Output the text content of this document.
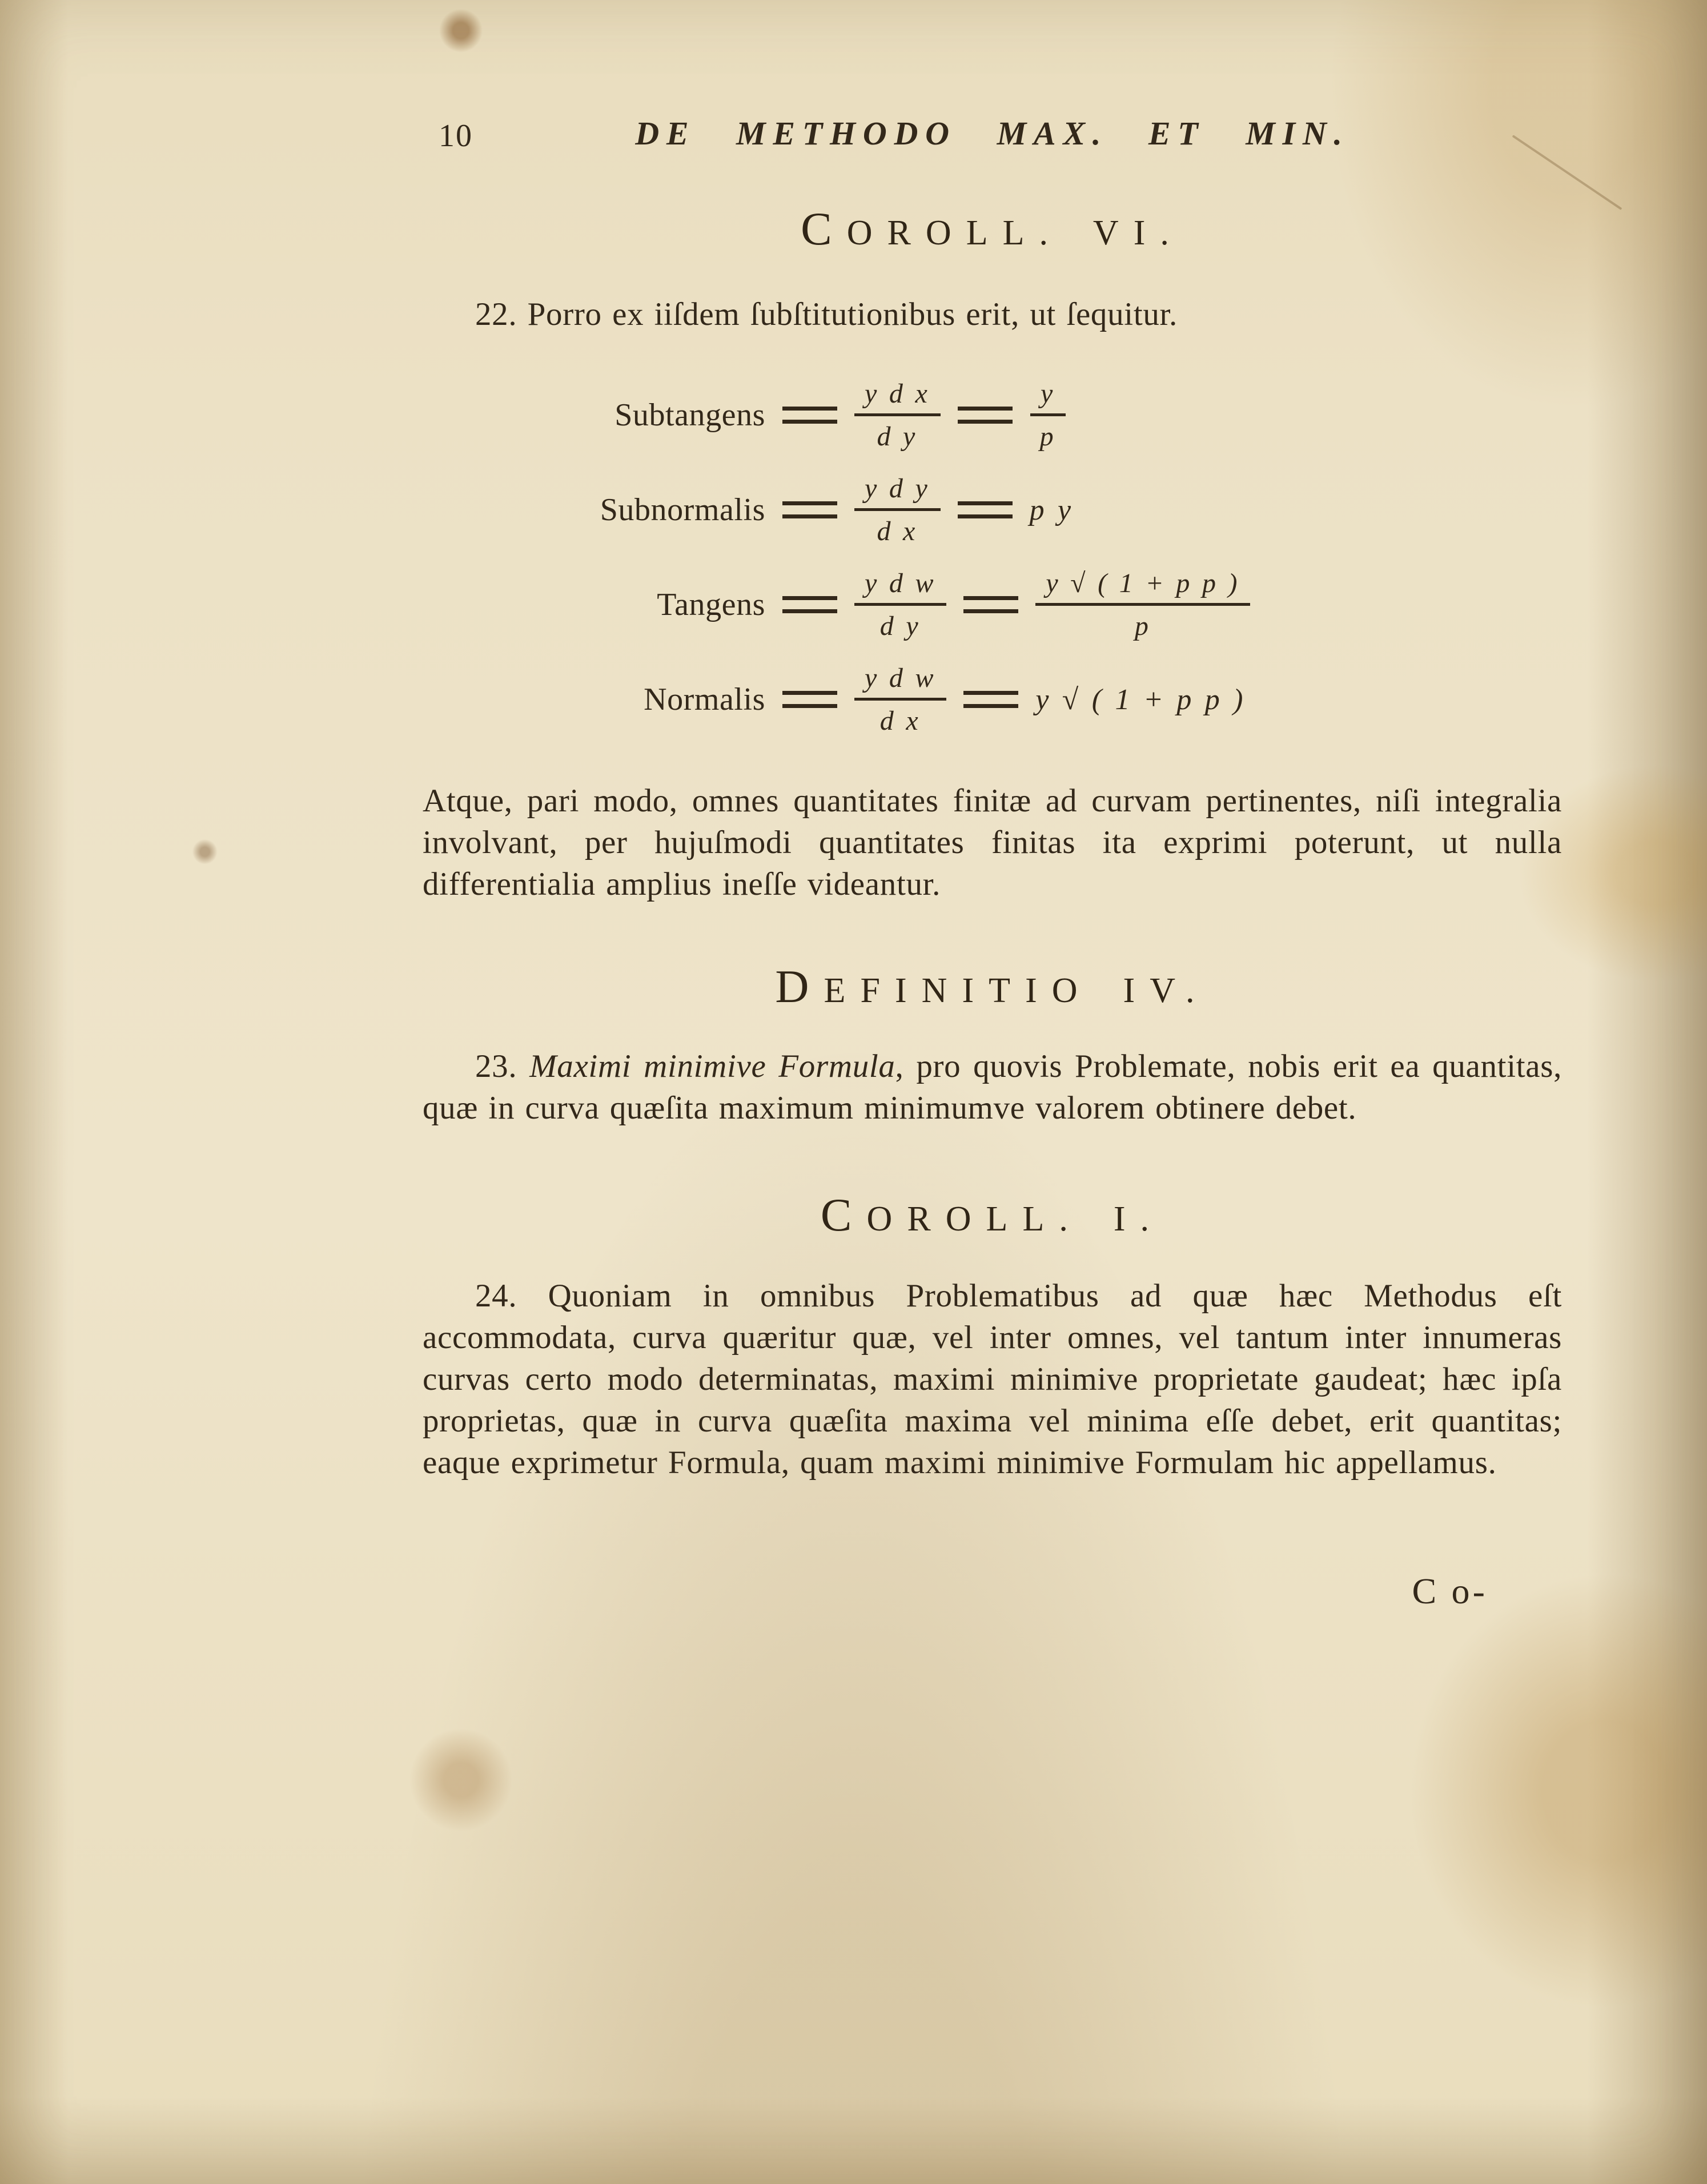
10	DE METHODO MAX. ET MIN.
COROLL. VI.

22. Porro ex iiſdem ſubſtitutionibus erit, ut ſequitur.

Subtangens	$\frac{\text{y d x}}{\text{d y}}$	$\frac{y}{p}$
Subnormalis	$\frac{\text{y d y}}{\text{d x}}$	p y
Tangens	$\frac{\text{y d w}}{\text{d y}}$	$\frac{\text{y √ ( 1 + p p )}}{p}$
Normalis	$\frac{\text{y d w}}{\text{d x}}$	y √ ( 1 + p p )

Atque, pari modo, omnes quantitates finitæ ad curvam pertinentes, niſi integralia involvant, per hujuſmodi quantitates finitas ita exprimi poterunt, ut nulla differentialia amplius ineſſe videantur.

DEFINITIO IV.

23. Maximi minimive Formula, pro quovis Problemate, nobis erit ea quantitas, quæ in curva quæſita maximum minimumve valorem obtinere debet.

COROLL. I.

24. Quoniam in omnibus Problematibus ad quæ hæc Methodus eſt accommodata, curva quæritur quæ, vel inter omnes, vel tantum inter innumeras curvas certo modo determinatas, maximi minimive proprietate gaudeat; hæc ipſa proprietas, quæ in curva quæſita maxima vel minima eſſe debet, erit quantitas; eaque exprimetur Formula, quam maximi minimive Formulam hic appellamus.

C o-
